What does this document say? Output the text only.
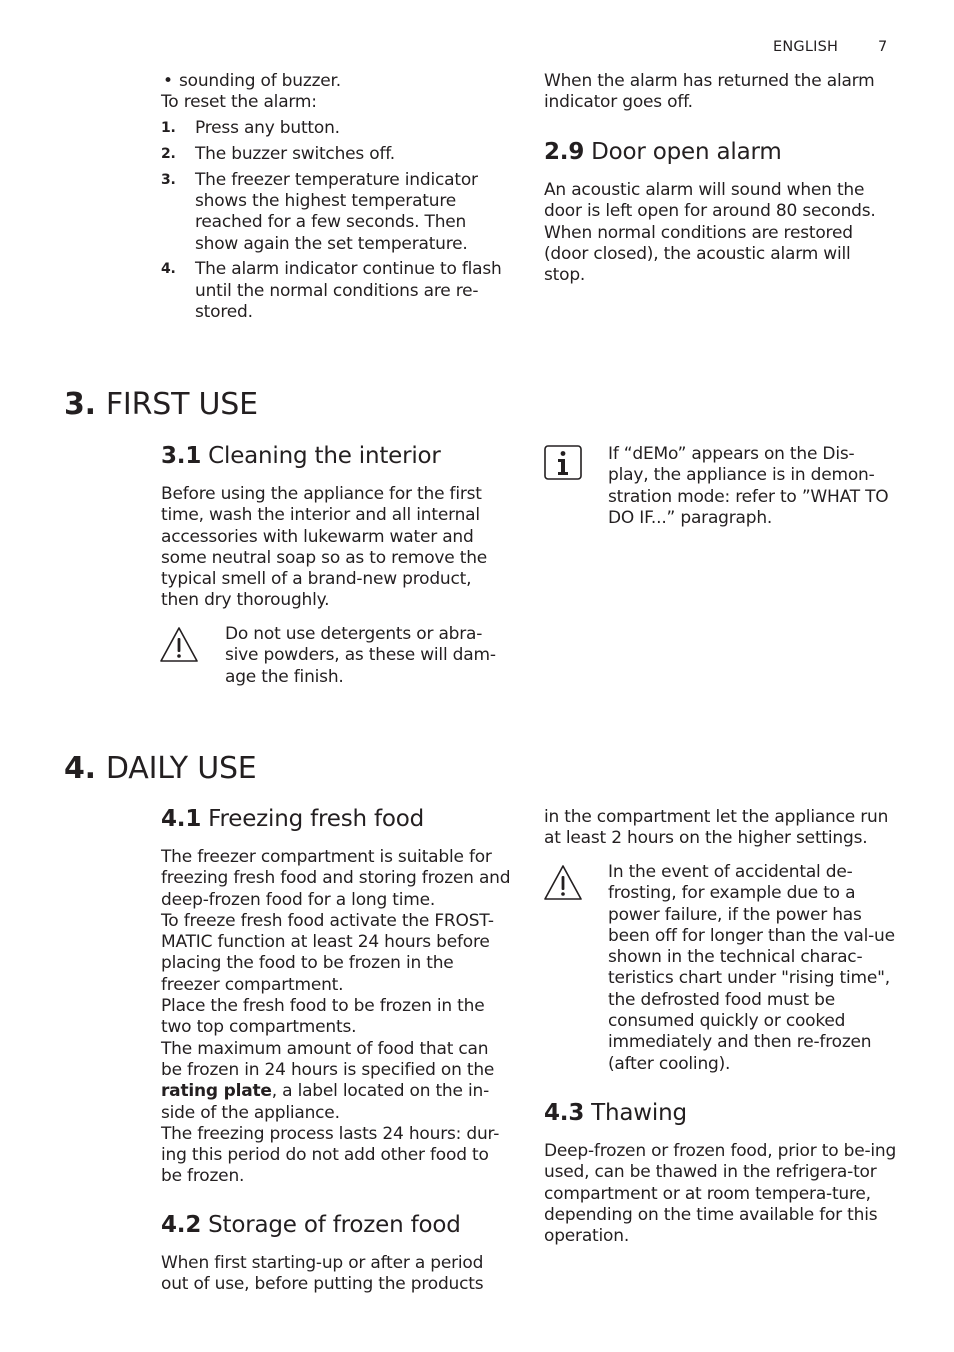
ENGLISH	7
• sounding of buzzer.
To reset the alarm:
1. Press any button.
2. The buzzer switches off.
3. The freezer temperature indicator shows the highest temperature reached for a few seconds. Then show again the set temperature.
4. The alarm indicator continue to flash until the normal conditions are re-stored.
When the alarm has returned the alarm indicator goes off.
2.9 Door open alarm
An acoustic alarm will sound when the door is left open for around 80 seconds. When normal conditions are restored (door closed), the acoustic alarm will stop.
3. FIRST USE
3.1 Cleaning the interior
Before using the appliance for the first time, wash the interior and all internal accessories with lukewarm water and some neutral soap so as to remove the typical smell of a brand-new product, then dry thoroughly.
Do not use detergents or abra-sive powders, as these will dam-age the finish.
If “dEMo” appears on the Dis-play, the appliance is in demon-stration mode: refer to ”WHAT TO DO IF...” paragraph.
4. DAILY USE
4.1 Freezing fresh food
The freezer compartment is suitable for freezing fresh food and storing frozen and deep-frozen food for a long time.
To freeze fresh food activate the FROST-MATIC function at least 24 hours before placing the food to be frozen in the freezer compartment.
Place the fresh food to be frozen in the two top compartments.
The maximum amount of food that can be frozen in 24 hours is specified on the rating plate, a label located on the in-side of the appliance.
The freezing process lasts 24 hours: dur-ing this period do not add other food to be frozen.
4.2 Storage of frozen food
When first starting-up or after a period out of use, before putting the products
in the compartment let the appliance run at least 2 hours on the higher settings.
In the event of accidental de-frosting, for example due to a power failure, if the power has been off for longer than the val-ue shown in the technical charac-teristics chart under "rising time", the defrosted food must be consumed quickly or cooked immediately and then re-frozen (after cooling).
4.3 Thawing
Deep-frozen or frozen food, prior to be-ing used, can be thawed in the refrigera-tor compartment or at room tempera-ture, depending on the time available for this operation.
